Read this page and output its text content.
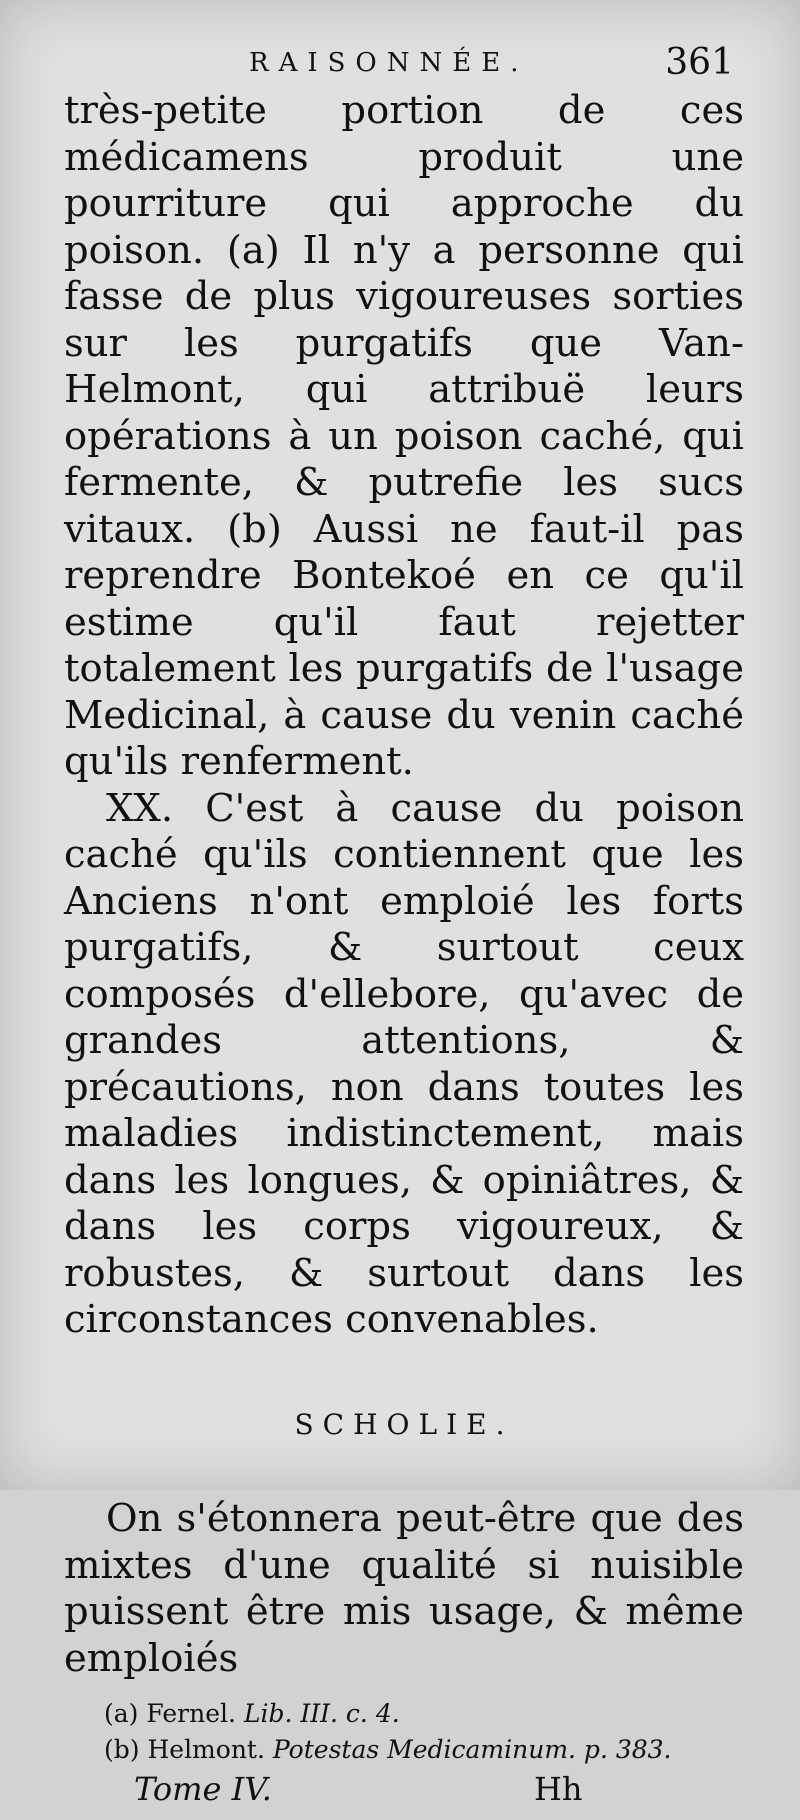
RAISONNÉE.	361

très-petite portion de ces médicamens produit une pourriture qui approche du poison. (a) Il n'y a personne qui fasse de plus vigoureuses sorties sur les purgatifs que Van-Helmont, qui attribuë leurs opérations à un poison caché, qui fermente, & putrefie les sucs vitaux. (b) Aussi ne faut-il pas reprendre Bontekoé en ce qu'il estime qu'il faut rejetter totalement les purgatifs de l'usage Medicinal, à cause du venin caché qu'ils renferment.

XX. C'est à cause du poison caché qu'ils contiennent que les Anciens n'ont emploié les forts purgatifs, & surtout ceux composés d'ellebore, qu'avec de grandes attentions, & précautions, non dans toutes les maladies indistinctement, mais dans les longues, & opiniâtres, & dans les corps vigoureux, & robustes, & surtout dans les circonstances convenables.

SCHOLIE.

On s'étonnera peut-être que des mixtes d'une qualité si nuisible puissent être mis usage, & même emploiés

(a) Fernel. Lib. III. c. 4.
(b) Helmont. Potestas Medicaminum. p. 383.
Tome IV.	Hh
